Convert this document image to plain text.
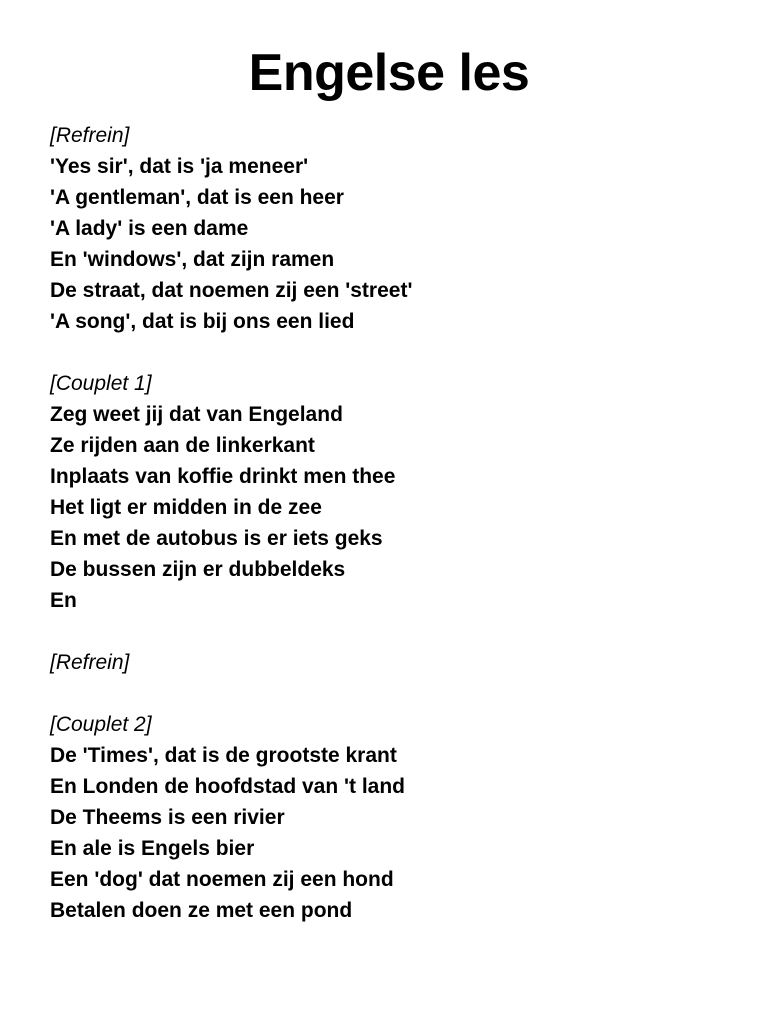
Engelse les
[Refrein]
'Yes sir', dat is 'ja meneer'
'A gentleman', dat is een heer
'A lady' is een dame
En 'windows', dat zijn ramen
De straat, dat noemen zij een 'street'
'A song', dat is bij ons een lied
[Couplet 1]
Zeg weet jij dat van Engeland
Ze rijden aan de linkerkant
Inplaats van koffie drinkt men thee
Het ligt er midden in de zee
En met de autobus is er iets geks
De bussen zijn er dubbeldeks
En
[Refrein]
[Couplet 2]
De 'Times', dat is de grootste krant
En Londen de hoofdstad van 't land
De Theems is een rivier
En ale is Engels bier
Een 'dog' dat noemen zij een hond
Betalen doen ze met een pond
